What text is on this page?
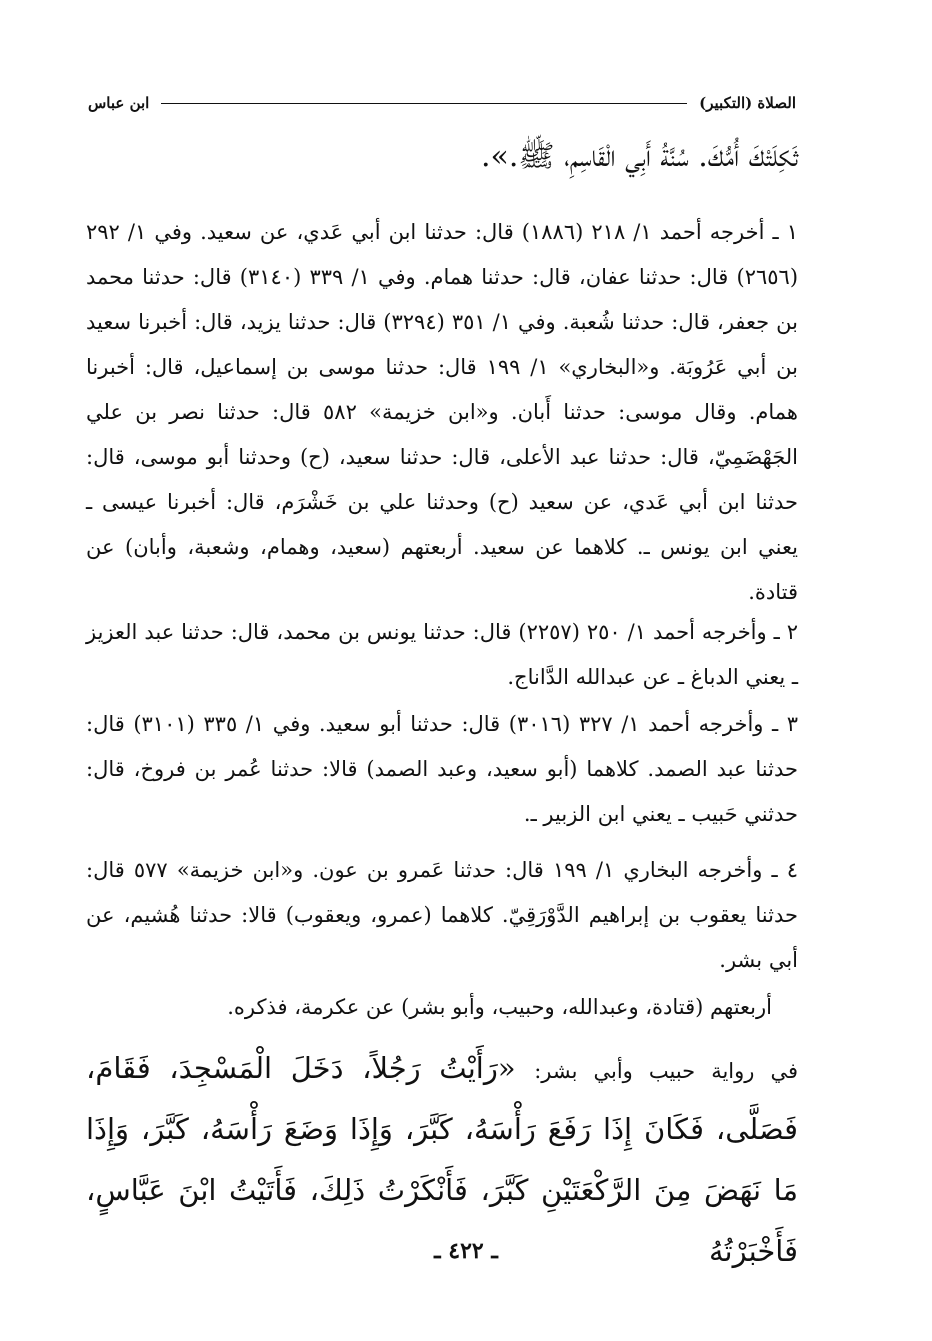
الصلاة (التكبير)
ابن عباس
ثَكِلَتْكَ أُمُّكَ. سُنَّةُ أَبِي الْقَاسِمِ، ﷺ.».
١ ـ أخرجه أحمد ١/ ٢١٨ (١٨٨٦) قال: حدثنا ابن أبي عَدي، عن سعيد. وفي ١/ ٢٩٢ (٢٦٥٦) قال: حدثنا عفان، قال: حدثنا همام. وفي ١/ ٣٣٩ (٣١٤٠) قال: حدثنا محمد بن جعفر، قال: حدثنا شُعبة. وفي ١/ ٣٥١ (٣٢٩٤) قال: حدثنا يزيد، قال: أخبرنا سعيد بن أبي عَرُوبَة. و«البخاري» ١/ ١٩٩ قال: حدثنا موسى بن إسماعيل، قال: أخبرنا همام. وقال موسى: حدثنا أَبان. و«ابن خزيمة» ٥٨٢ قال: حدثنا نصر بن علي الجَهْضَمِيّ، قال: حدثنا عبد الأعلى، قال: حدثنا سعيد، (ح) وحدثنا أبو موسى، قال: حدثنا ابن أبي عَدي، عن سعيد (ح) وحدثنا علي بن خَشْرَم، قال: أخبرنا عيسى ـ يعني ابن يونس ـ. كلاهما عن سعيد. أربعتهم (سعيد، وهمام، وشعبة، وأبان) عن قتادة.
٢ ـ وأخرجه أحمد ١/ ٢٥٠ (٢٢٥٧) قال: حدثنا يونس بن محمد، قال: حدثنا عبد العزيز ـ يعني الدباغ ـ عن عبدالله الدَّاناج.
٣ ـ وأخرجه أحمد ١/ ٣٢٧ (٣٠١٦) قال: حدثنا أبو سعيد. وفي ١/ ٣٣٥ (٣١٠١) قال: حدثنا عبد الصمد. كلاهما (أبو سعيد، وعبد الصمد) قالا: حدثنا عُمر بن فروخ، قال: حدثني حَبيب ـ يعني ابن الزبير ـ.
٤ ـ وأخرجه البخاري ١/ ١٩٩ قال: حدثنا عَمرو بن عون. و«ابن خزيمة» ٥٧٧ قال: حدثنا يعقوب بن إبراهيم الدَّوْرَقِيّ. كلاهما (عمرو، ويعقوب) قالا: حدثنا هُشيم، عن أبي بشر.
أربعتهم (قتادة، وعبدالله، وحبيب، وأبو بشر) عن عكرمة، فذكره.
في رواية حبيب وأبي بشر: «رَأَيْتُ رَجُلاً، دَخَلَ الْمَسْجِدَ، فَقَامَ، فَصَلَّى، فَكَانَ إِذَا رَفَعَ رَأْسَهُ، كَبَّرَ، وَإِذَا وَضَعَ رَأْسَهُ، كَبَّرَ، وَإِذَا مَا نَهَضَ مِنَ الرَّكْعَتَيْنِ كَبَّرَ، فَأَنْكَرْتُ ذَلِكَ، فَأَتَيْتُ ابْنَ عَبَّاسٍ، فَأَخْبَرْتُهُ
ـ ٤٢٢ ـ
